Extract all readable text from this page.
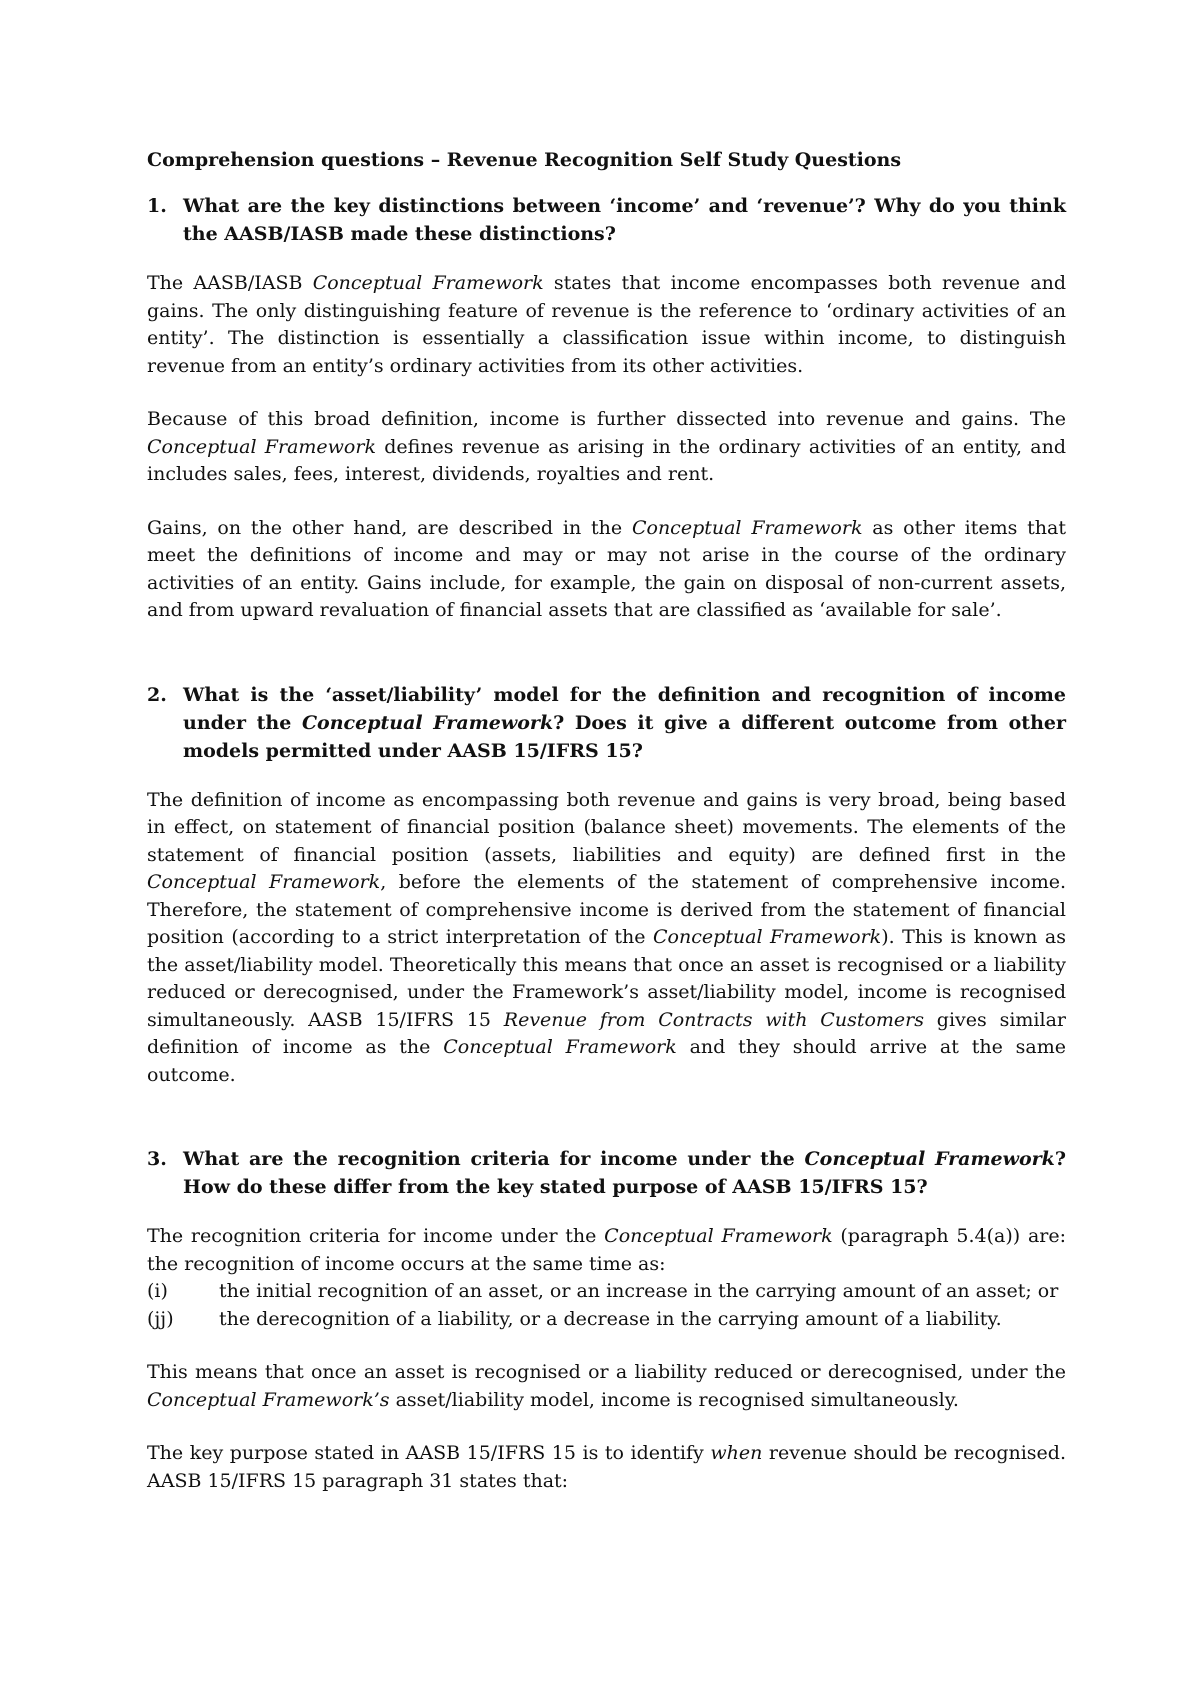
Comprehension questions – Revenue Recognition Self Study Questions
1. What are the key distinctions between ‘income’ and ‘revenue’? Why do you think the AASB/IASB made these distinctions?

The AASB/IASB Conceptual Framework states that income encompasses both revenue and gains. The only distinguishing feature of revenue is the reference to ‘ordinary activities of an entity’. The distinction is essentially a classification issue within income, to distinguish revenue from an entity’s ordinary activities from its other activities.

Because of this broad definition, income is further dissected into revenue and gains. The Conceptual Framework defines revenue as arising in the ordinary activities of an entity, and includes sales, fees, interest, dividends, royalties and rent.

Gains, on the other hand, are described in the Conceptual Framework as other items that meet the definitions of income and may or may not arise in the course of the ordinary activities of an entity. Gains include, for example, the gain on disposal of non-current assets, and from upward revaluation of financial assets that are classified as ‘available for sale’.

2. What is the ‘asset/liability’ model for the definition and recognition of income under the Conceptual Framework? Does it give a different outcome from other models permitted under AASB 15/IFRS 15?

The definition of income as encompassing both revenue and gains is very broad, being based in effect, on statement of financial position (balance sheet) movements. The elements of the statement of financial position (assets, liabilities and equity) are defined first in the Conceptual Framework, before the elements of the statement of comprehensive income. Therefore, the statement of comprehensive income is derived from the statement of financial position (according to a strict interpretation of the Conceptual Framework). This is known as the asset/liability model. Theoretically this means that once an asset is recognised or a liability reduced or derecognised, under the Framework’s asset/liability model, income is recognised simultaneously. AASB 15/IFRS 15 Revenue from Contracts with Customers gives similar definition of income as the Conceptual Framework and they should arrive at the same outcome.

3. What are the recognition criteria for income under the Conceptual Framework? How do these differ from the key stated purpose of AASB 15/IFRS 15?

The recognition criteria for income under the Conceptual Framework (paragraph 5.4(a)) are: the recognition of income occurs at the same time as:

(i)	the initial recognition of an asset, or an increase in the carrying amount of an asset; or
(jj)	the derecognition of a liability, or a decrease in the carrying amount of a liability.

This means that once an asset is recognised or a liability reduced or derecognised, under the Conceptual Framework’s asset/liability model, income is recognised simultaneously.

The key purpose stated in AASB 15/IFRS 15 is to identify when revenue should be recognised. AASB 15/IFRS 15 paragraph 31 states that:
